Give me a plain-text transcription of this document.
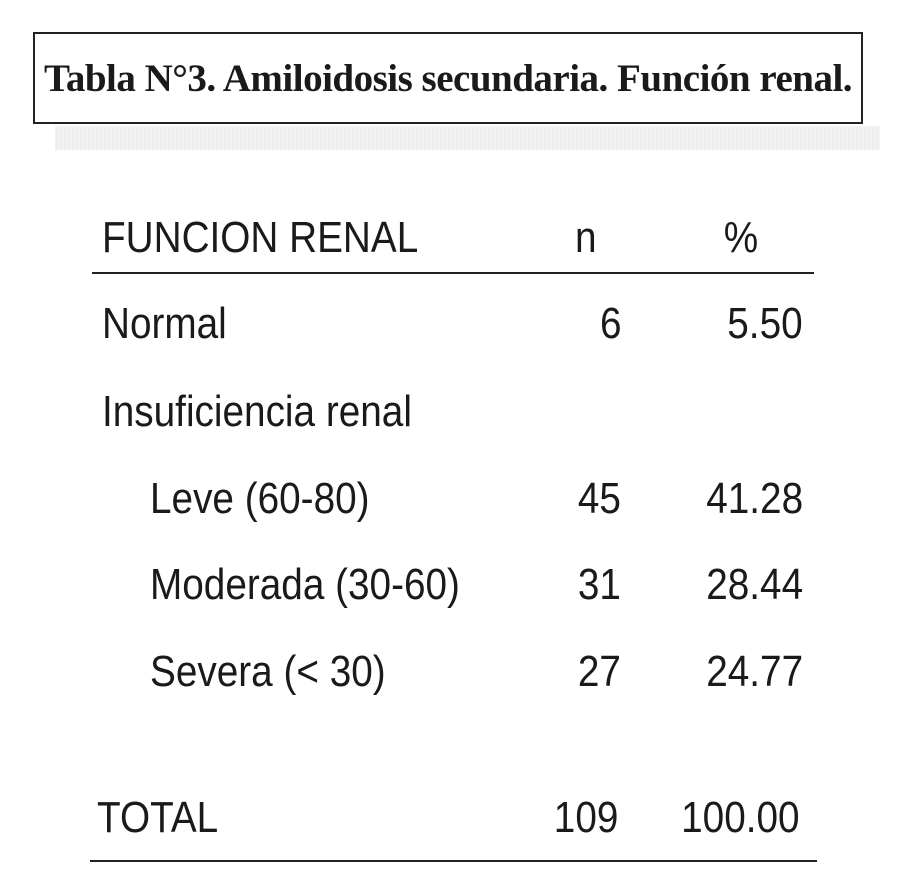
Tabla N°3. Amiloidosis secundaria. Función renal.
FUNCION RENAL	n	%
Normal	6 5.50
Insuficiencia renal
Leve (60-80)	45 41.28
Moderada (30-60)	31 28.44
Severa (< 30)	27 24.77
TOTAL	109 100.00
